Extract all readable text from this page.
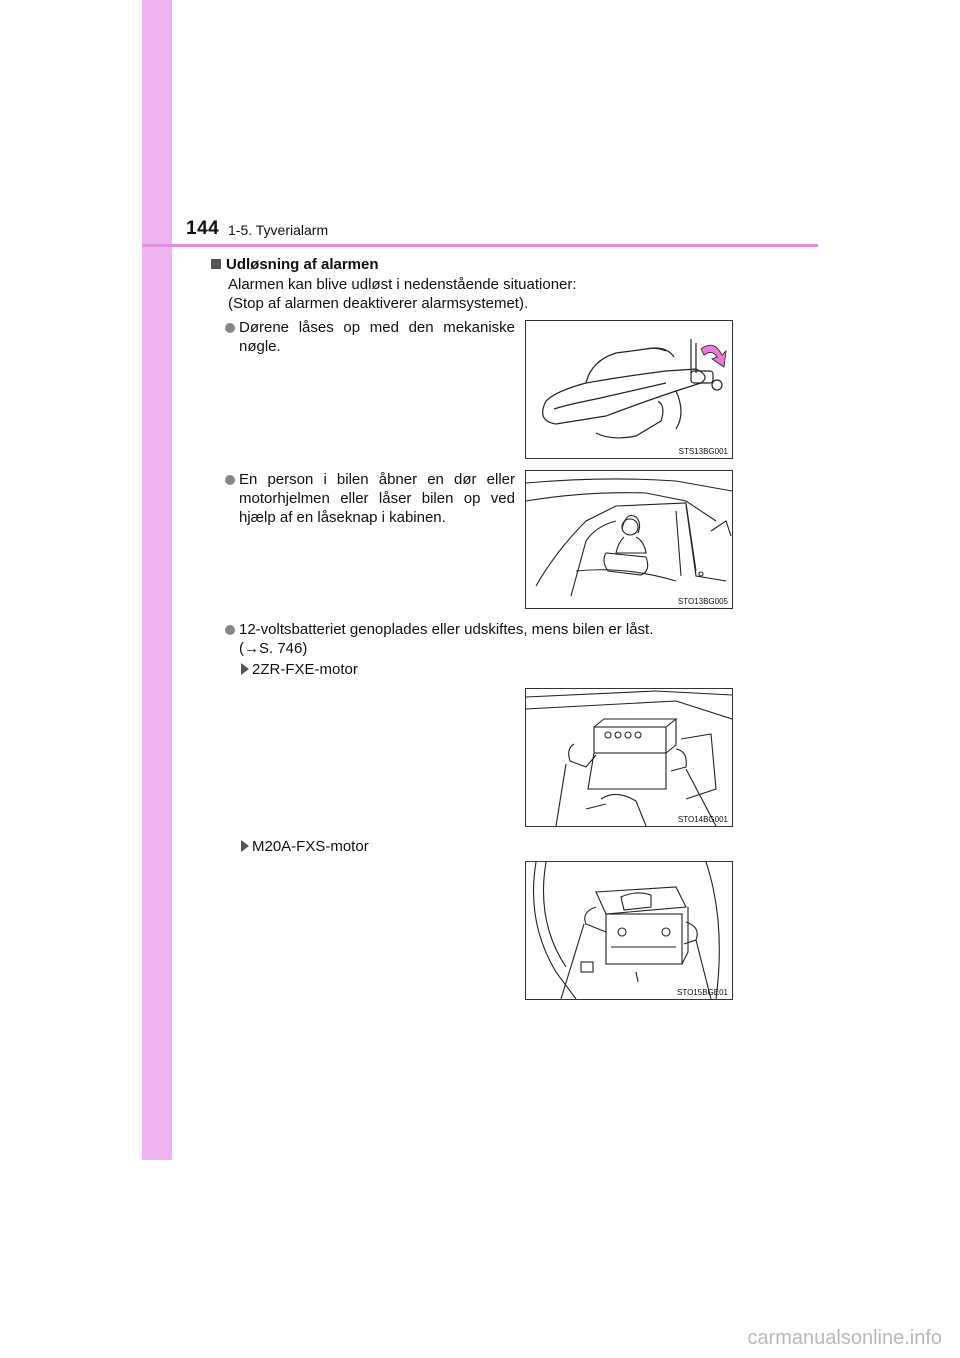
144 1-5. Tyverialarm
Udløsning af alarmen
Alarmen kan blive udløst i nedenstående situationer:
(Stop af alarmen deaktiverer alarmsystemet).
Dørene låses op med den mekaniske nøgle.
En person i bilen åbner en dør eller motorhjelmen eller låser bilen op ved hjælp af en låseknap i kabinen.
12-voltsbatteriet genoplades eller udskiftes, mens bilen er låst.
(→S. 746)
2ZR-FXE-motor
M20A-FXS-motor
STS13BG001
STO13BG005
STO14BG001
STO15BGE01
carmanualsonline.info
